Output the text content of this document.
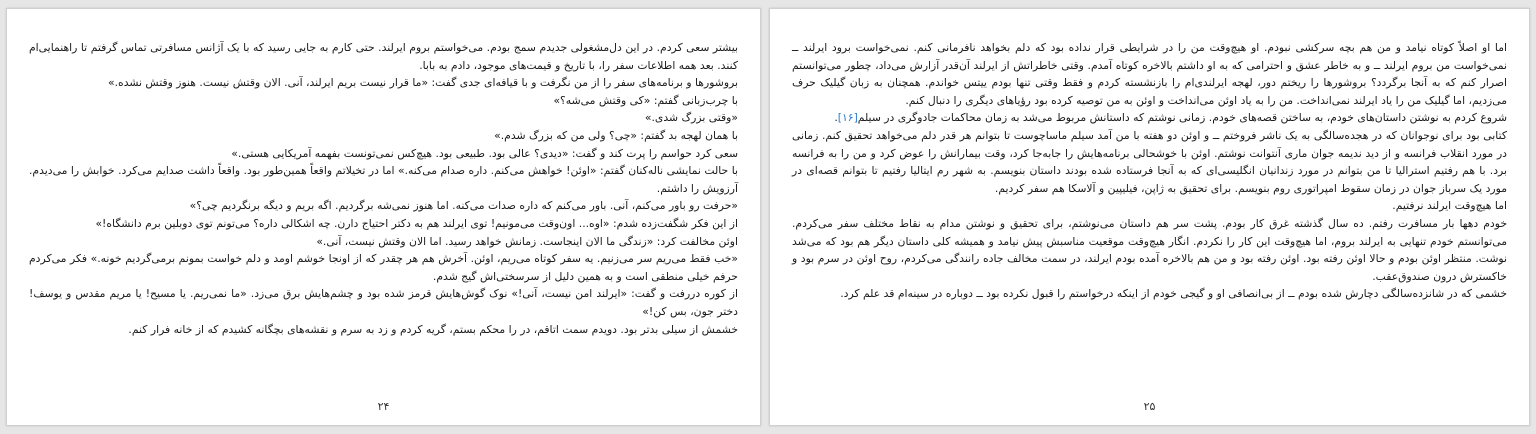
بیشتر سعی کردم. در این دل‌مشغولی جدیدم سمج بودم. می‌خواستم بروم ایرلند. حتی کارم به جایی رسید که با یک آژانس مسافرتی تماس گرفتم تا راهنمایی‌ام کنند. بعد همه اطلاعات سفر را، با تاریخ و قیمت‌های موجود، دادم به بابا.

بروشورها و برنامه‌های سفر را از من نگرفت و با قیافه‌ای جدی گفت: «ما قرار نیست بریم ایرلند، آنی. الان وقتش نیست. هنوز وقتش نشده.»

با چرب‌زبانی گفتم: «کی وقتش می‌شه؟»

«وقتی بزرگ شدی.»

با همان لهجه بد گفتم: «چی؟ ولی من که بزرگ شدم.»

سعی کرد حواسم را پرت کند و گفت: «دیدی؟ عالی بود. طبیعی بود. هیچ‌کس نمی‌تونست بفهمه آمریکایی هستی.»

با حالت نمایشی ناله‌کنان گفتم: «اوئن! خواهش می‌کنم. داره صدام می‌کنه.» اما در تخیلاتم واقعاً همین‌طور بود. واقعاً داشت صدایم می‌کرد. خوابش را می‌دیدم. آرزویش را داشتم.

«حرفت رو باور می‌کنم، آنی. باور می‌کنم که داره صدات می‌کنه. اما هنوز نمی‌شه برگردیم. اگه بریم و دیگه برنگردیم چی؟»

از این فکر شگفت‌زده شدم: «اوه... اون‌وقت می‌مونیم! توی ایرلند هم به دکتر احتیاج دارن. چه اشکالی داره؟ می‌تونم توی دوبلین برم دانشگاه!»

اوئن مخالفت کرد: «زندگی ما الان اینجاست. زمانش خواهد رسید. اما الان وقتش نیست، آنی.»

«خب فقط می‌ریم سر می‌زنیم. یه سفر کوتاه می‌ریم، اوئن. آخرش هم هر چقدر که از اونجا خوشم اومد و دلم خواست بمونم برمی‌گردیم خونه.» فکر می‌کردم حرفم خیلی منطقی است و به همین دلیل از سرسختی‌اش گیج شدم.

از کوره دررفت و گفت: «ایرلند امن نیست، آنی!» نوک گوش‌هایش قرمز شده بود و چشم‌هایش برق می‌زد. «ما نمی‌ریم. یا مسیح! یا مریم مقدس و یوسف! دختر جون، بس کن!»

خشمش از سیلی بدتر بود. دویدم سمت اتاقم، در را محکم بستم، گریه کردم و زد به سرم و نقشه‌های بچگانه کشیدم که از خانه فرار کنم.

۲۴

اما او اصلاً کوتاه نیامد و من هم بچه سرکشی نبودم. او هیچ‌وقت من را در شرایطی قرار نداده بود که دلم بخواهد نافرمانی کنم. نمی‌خواست برود ایرلند ــ نمی‌خواست من بروم ایرلند ــ و به خاطر عشق و احترامی که به او داشتم بالاخره کوتاه آمدم. وقتی خاطراتش از ایرلند آن‌قدر آزارش می‌داد، چطور می‌توانستم اصرار کنم که به آنجا برگردد؟ بروشورها را ریختم دور، لهجه ایرلندی‌ام را بازنشسته کردم و فقط وقتی تنها بودم ییتس خواندم. همچنان به زبان گیلیک حرف می‌زدیم، اما گیلیک من را یاد ایرلند نمی‌انداخت. من را به یاد اوئن می‌انداخت و اوئن به من توصیه کرده بود رؤیاهای دیگری را دنبال کنم.

شروع کردم به نوشتن داستان‌های خودم، به ساختن قصه‌های خودم. زمانی نوشتم که داستانش مربوط می‌شد به زمان محاکمات جادوگری در سیلم[۱۶].

کتابی بود برای نوجوانان که در هجده‌سالگی به یک ناشر فروختم ــ و اوئن دو هفته با من آمد سیلم ماساچوست تا بتوانم هر قدر دلم می‌خواهد تحقیق کنم. زمانی در مورد انقلاب فرانسه و از دید ندیمه جوان ماری آنتوانت نوشتم. اوئن با خوشحالی برنامه‌هایش را جابه‌جا کرد، وقت بیمارانش را عوض کرد و من را به فرانسه برد. با هم رفتیم استرالیا تا من بتوانم در مورد زندانیان انگلیسی‌ای که به آنجا فرستاده شده بودند داستان بنویسم. به شهر رم ایتالیا رفتیم تا بتوانم قصه‌ای در مورد یک سرباز جوان در زمان سقوط امپراتوری روم بنویسم. برای تحقیق به ژاپن، فیلیپین و آلاسکا هم سفر کردیم.

اما هیچ‌وقت ایرلند نرفتیم.

خودم دهها بار مسافرت رفتم. ده سال گذشته غرق کار بودم. پشت سر هم داستان می‌نوشتم، برای تحقیق و نوشتن مدام به نقاط مختلف سفر می‌کردم. می‌توانستم خودم تنهایی به ایرلند بروم، اما هیچ‌وقت این کار را نکردم. انگار هیچ‌وقت موقعیت مناسبش پیش نیامد و همیشه کلی داستان دیگر هم بود که می‌شد نوشت. منتظر اوئن بودم و حالا اوئن رفته بود. اوئن رفته بود و من هم بالاخره آمده بودم ایرلند، در سمت مخالف جاده رانندگی می‌کردم، روح اوئن در سرم بود و خاکسترش درون صندوق‌عقب.

خشمی که در شانزده‌سالگی دچارش شده بودم ــ از بی‌انصافی او و گیجی خودم از اینکه درخواستم را قبول نکرده بود ــ دوباره در سینه‌ام قد علم کرد.

۲۵
